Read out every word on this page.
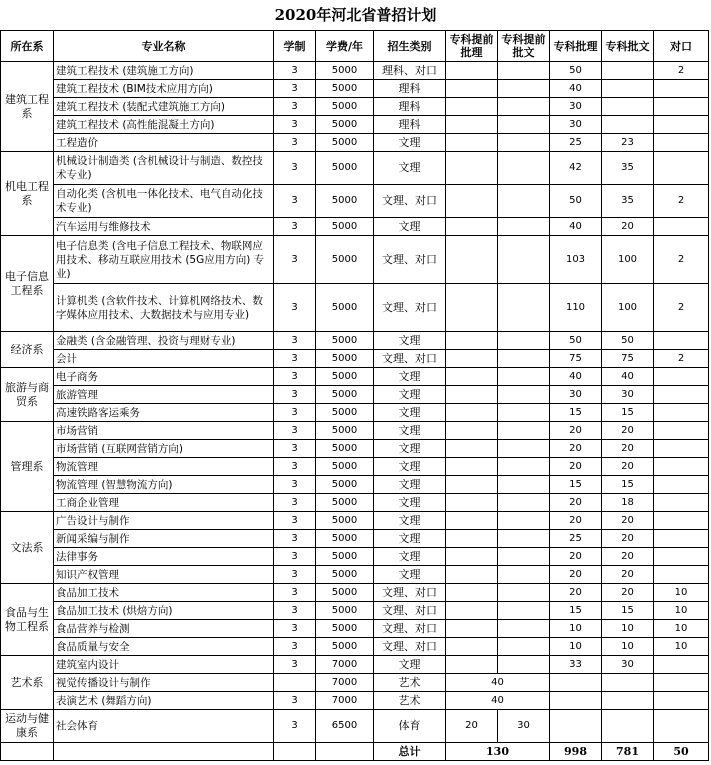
2020年河北省普招计划
所在系	专业名称	学制	学费/年	招生类别	专科提前批理	专科提前批文	专科批理	专科批文	对口
建筑工程系	建筑工程技术 (建筑施工方向)	3	5000	理科、对口			50		2
	建筑工程技术 (BIM技术应用方向)	3	5000	理科			40		
	建筑工程技术 (装配式建筑施工方向)	3	5000	理科			30		
	建筑工程技术 (高性能混凝土方向)	3	5000	理科			30		
	工程造价	3	5000	文理			25	23	
机电工程系	机械设计制造类 (含机械设计与制造、数控技术专业)	3	5000	文理			42	35	
	自动化类 (含机电一体化技术、电气自动化技术专业)	3	5000	文理、对口			50	35	2
	汽车运用与维修技术	3	5000	文理			40	20	
电子信息工程系	电子信息类 (含电子信息工程技术、物联网应用技术、移动互联应用技术 (5G应用方向) 专业)	3	5000	文理、对口			103	100	2
	计算机类 (含软件技术、计算机网络技术、数字媒体应用技术、大数据技术与应用专业)	3	5000	文理、对口			110	100	2
经济系	金融类 (含金融管理、投资与理财专业)	3	5000	文理			50	50	
	会计	3	5000	文理、对口			75	75	2
旅游与商贸系	电子商务	3	5000	文理			40	40	
	旅游管理	3	5000	文理			30	30	
	高速铁路客运乘务	3	5000	文理			15	15	
管理系	市场营销	3	5000	文理			20	20	
	市场营销 (互联网营销方向)	3	5000	文理			20	20	
	物流管理	3	5000	文理			20	20	
	物流管理 (智慧物流方向)	3	5000	文理			15	15	
	工商企业管理	3	5000	文理			20	18	
文法系	广告设计与制作	3	5000	文理			20	20	
	新闻采编与制作	3	5000	文理			25	20	
	法律事务	3	5000	文理			20	20	
	知识产权管理	3	5000	文理			20	20	
食品与生物工程系	食品加工技术	3	5000	文理、对口			20	20	10
	食品加工技术 (烘焙方向)	3	5000	文理、对口			15	15	10
	食品营养与检测	3	5000	文理、对口			10	10	10
	食品质量与安全	3	5000	文理、对口			10	10	10
艺术系	建筑室内设计	3	7000	文理			33	30	
	视觉传播设计与制作		7000	艺术	40				
	表演艺术 (舞蹈方向)	3	7000	艺术	40				
运动与健康系	社会体育	3	6500	体育	20	30			
				总计	130		998	781	50
